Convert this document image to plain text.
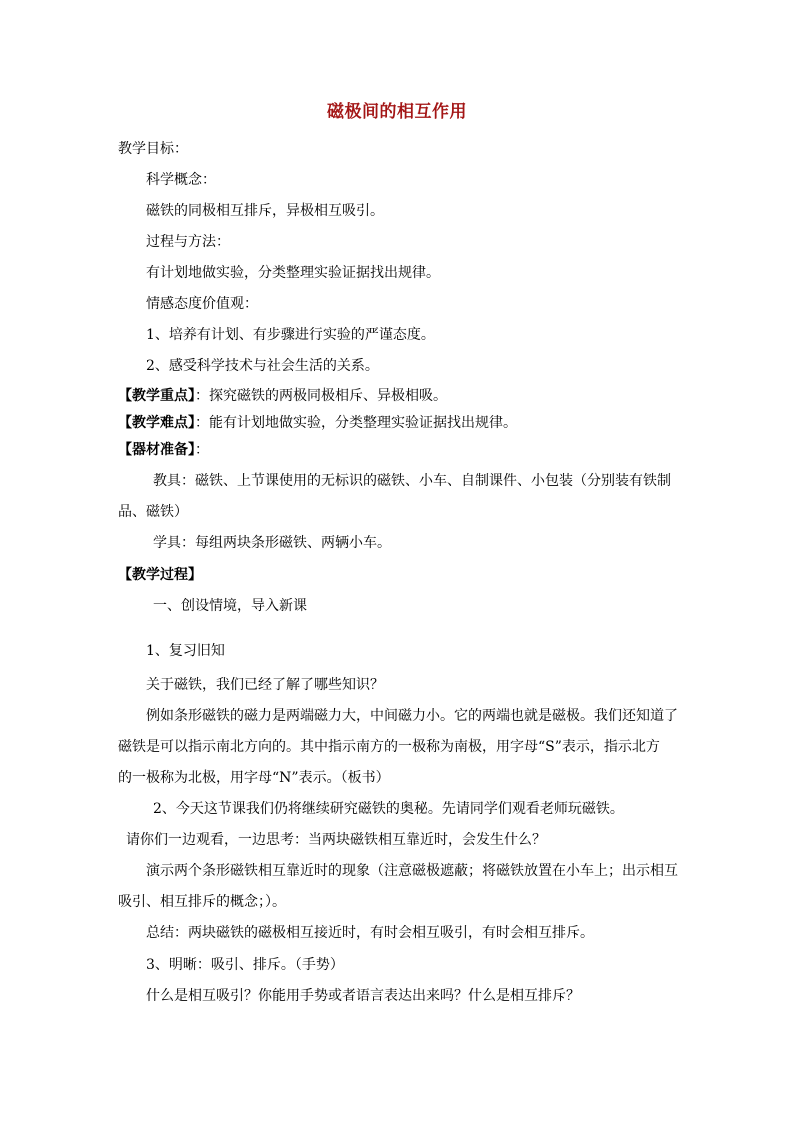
磁极间的相互作用
教学目标：
科学概念：
磁铁的同极相互排斥，异极相互吸引。
过程与方法：
有计划地做实验，分类整理实验证据找出规律。
情感态度价值观：
1、培养有计划、有步骤进行实验的严谨态度。
2、感受科学技术与社会生活的关系。
【教学重点】：探究磁铁的两极同极相斥、异极相吸。
【教学难点】：能有计划地做实验，分类整理实验证据找出规律。
【器材准备】：
教具：磁铁、上节课使用的无标识的磁铁、小车、自制课件、小包装（分别装有铁制
品、磁铁）
学具：每组两块条形磁铁、两辆小车。
【教学过程】
一、创设情境，导入新课
1、复习旧知
关于磁铁，我们已经了解了哪些知识？
例如条形磁铁的磁力是两端磁力大，中间磁力小。它的两端也就是磁极。我们还知道了
磁铁是可以指示南北方向的。其中指示南方的一极称为南极，用字母“S”表示，指示北方
的一极称为北极，用字母“N”表示。（板书）
2、今天这节课我们仍将继续研究磁铁的奥秘。先请同学们观看老师玩磁铁。
请你们一边观看，一边思考：当两块磁铁相互靠近时，会发生什么？
演示两个条形磁铁相互靠近时的现象（注意磁极遮蔽；将磁铁放置在小车上；出示相互
吸引、相互排斥的概念；）。
总结：两块磁铁的磁极相互接近时，有时会相互吸引，有时会相互排斥。
3、明晰：吸引、排斥。（手势）
什么是相互吸引？你能用手势或者语言表达出来吗？什么是相互排斥？
